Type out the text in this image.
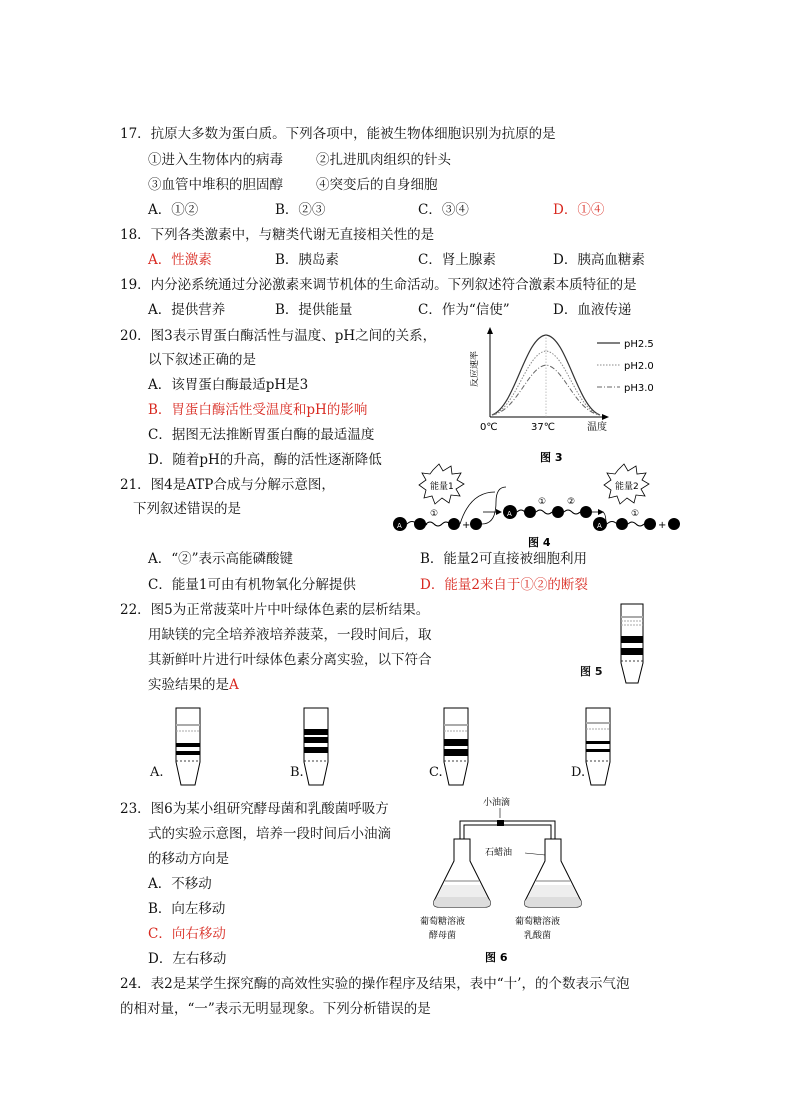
17．抗原大多数为蛋白质。下列各项中，能被生物体细胞识别为抗原的是
①进入生物体内的病毒 ②扎进肌肉组织的针头
③血管中堆积的胆固醇 ④突变后的自身细胞
A．①②	B．②③	C．③④	D．①④
18．下列各类激素中，与糖类代谢无直接相关性的是
A．性激素	B．胰岛素	C．肾上腺素	D．胰高血糖素
19．内分泌系统通过分泌激素来调节机体的生命活动。下列叙述符合激素本质特征的是
A．提供营养	B．提供能量	C．作为“信使”	D．血液传递
20．图3表示胃蛋白酶活性与温度、pH之间的关系，
以下叙述正确的是
A．该胃蛋白酶最适pH是3
B．胃蛋白酶活性受温度和pH的影响
C．据图无法推断胃蛋白酶的最适温度
D．随着pH的升高，酶的活性逐渐降低
反应速率
0℃	37℃	温度
pH2.5
pH2.0
pH3.0
图 3
21．图4是ATP合成与分解示意图，
下列叙述错误的是
能量1	能量2
A
①
+
A
① ②
A
①
+
图 4
A．“②”表示高能磷酸键	B．能量2可直接被细胞利用
C．能量1可由有机物氧化分解提供	D．能量2来自于①②的断裂
22．图5为正常菠菜叶片中叶绿体色素的层析结果。
用缺镁的完全培养液培养菠菜，一段时间后，取
其新鲜叶片进行叶绿体色素分离实验，以下符合
实验结果的是A
图 5
A.	B.	C.	D.
23．图6为某小组研究酵母菌和乳酸菌呼吸方
式的实验示意图，培养一段时间后小油滴
的移动方向是
A．不移动
B．向左移动
C．向右移动
D．左右移动
小油滴
石蜡油
葡萄糖溶液
酵母菌
葡萄糖溶液
乳酸菌
图 6
24．表2是某学生探究酶的高效性实验的操作程序及结果，表中“十’，的个数表示气泡
的相对量，“一”表示无明显现象。下列分析错误的是
